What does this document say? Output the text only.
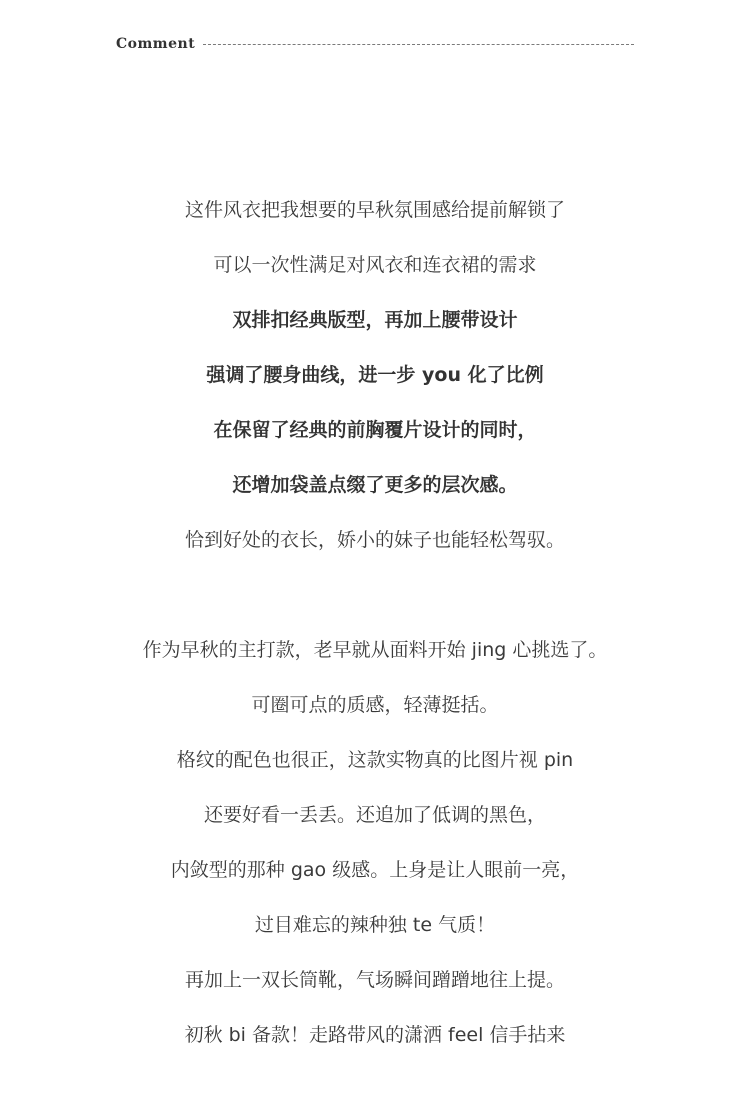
Comment
这件风衣把我想要的早秋氛围感给提前解锁了
可以一次性满足对风衣和连衣裙的需求
双排扣经典版型，再加上腰带设计
强调了腰身曲线，进一步 you 化了比例
在保留了经典的前胸覆片设计的同时，
还增加袋盖点缀了更多的层次感。
恰到好处的衣长，娇小的妹子也能轻松驾驭。
作为早秋的主打款，老早就从面料开始 jing 心挑选了。
可圈可点的质感，轻薄挺括。
格纹的配色也很正，这款实物真的比图片视 pin
还要好看一丢丢。还追加了低调的黑色，
内敛型的那种 gao 级感。上身是让人眼前一亮，
过目难忘的辣种独 te 气质！
再加上一双长筒靴，气场瞬间蹭蹭地往上提。
初秋 bi 备款！走路带风的潇洒 feel 信手拈来
